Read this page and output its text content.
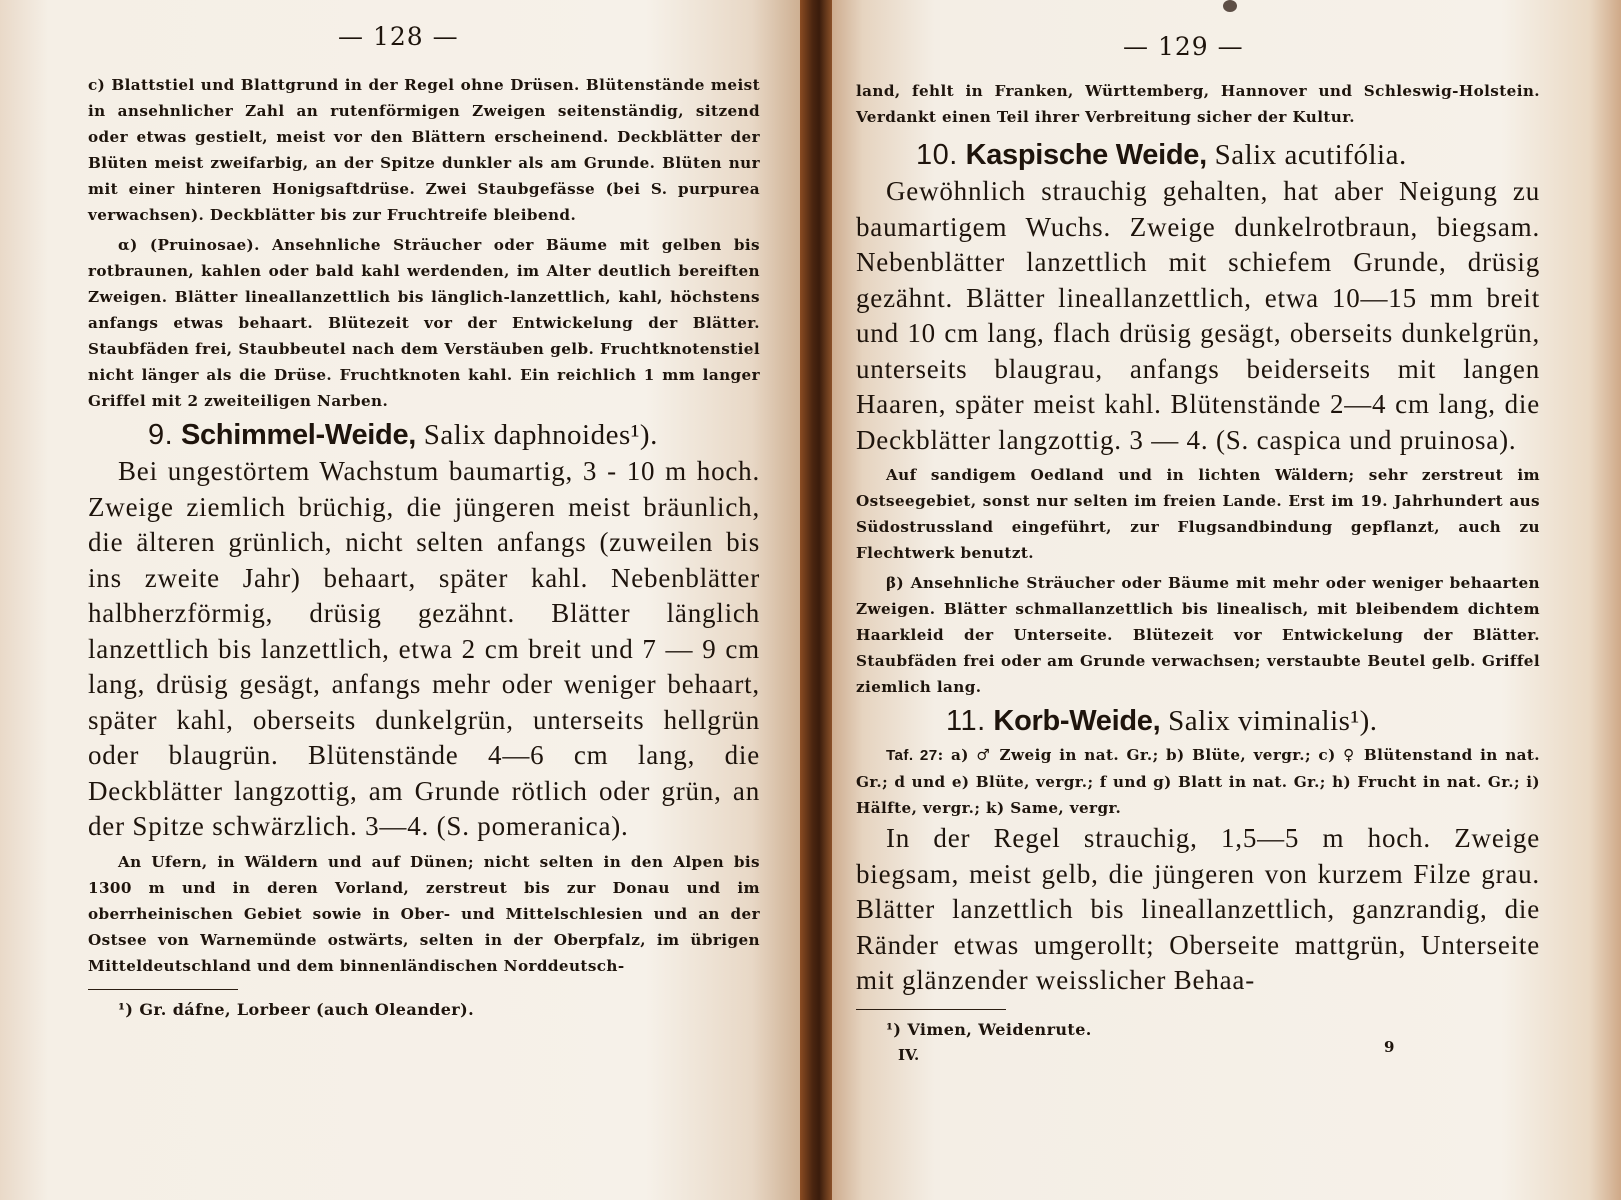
— 128 —

c) Blattstiel und Blattgrund in der Regel ohne Drüsen. Blütenstände meist in ansehnlicher Zahl an rutenförmigen Zweigen seitenständig, sitzend oder etwas gestielt, meist vor den Blättern erscheinend. Deckblätter der Blüten meist zweifarbig, an der Spitze dunkler als am Grunde. Blüten nur mit einer hinteren Honigsaftdrüse. Zwei Staubgefässe (bei S. purpurea verwachsen). Deckblätter bis zur Fruchtreife bleibend.

α) (Pruinosae). Ansehnliche Sträucher oder Bäume mit gelben bis rotbraunen, kahlen oder bald kahl werdenden, im Alter deutlich bereiften Zweigen. Blätter lineallanzettlich bis länglich-lanzettlich, kahl, höchstens anfangs etwas behaart. Blütezeit vor der Entwickelung der Blätter. Staubfäden frei, Staubbeutel nach dem Verstäuben gelb. Fruchtknotenstiel nicht länger als die Drüse. Fruchtknoten kahl. Ein reichlich 1 mm langer Griffel mit 2 zweiteiligen Narben.

9. Schimmel-Weide, Salix daphnoides¹).

Bei ungestörtem Wachstum baumartig, 3 - 10 m hoch. Zweige ziemlich brüchig, die jüngeren meist bräunlich, die älteren grünlich, nicht selten anfangs (zuweilen bis ins zweite Jahr) behaart, später kahl. Nebenblätter halbherzförmig, drüsig gezähnt. Blätter länglich lanzettlich bis lanzettlich, etwa 2 cm breit und 7 — 9 cm lang, drüsig gesägt, anfangs mehr oder weniger behaart, später kahl, oberseits dunkelgrün, unterseits hellgrün oder blaugrün. Blütenstände 4—6 cm lang, die Deckblätter langzottig, am Grunde rötlich oder grün, an der Spitze schwärzlich. 3—4. (S. pomeranica).

An Ufern, in Wäldern und auf Dünen; nicht selten in den Alpen bis 1300 m und in deren Vorland, zerstreut bis zur Donau und im oberrheinischen Gebiet sowie in Ober- und Mittelschlesien und an der Ostsee von Warnemünde ostwärts, selten in der Oberpfalz, im übrigen Mitteldeutschland und dem binnenländischen Norddeutsch-

¹) Gr. dáfne, Lorbeer (auch Oleander).

— 129 —

land, fehlt in Franken, Württemberg, Hannover und Schleswig-Holstein. Verdankt einen Teil ihrer Verbreitung sicher der Kultur.

10. Kaspische Weide, Salix acutifólia.

Gewöhnlich strauchig gehalten, hat aber Neigung zu baumartigem Wuchs. Zweige dunkelrotbraun, biegsam. Nebenblätter lanzettlich mit schiefem Grunde, drüsig gezähnt. Blätter lineallanzettlich, etwa 10—15 mm breit und 10 cm lang, flach drüsig gesägt, oberseits dunkelgrün, unterseits blaugrau, anfangs beiderseits mit langen Haaren, später meist kahl. Blütenstände 2—4 cm lang, die Deckblätter langzottig. 3 — 4. (S. caspica und pruinosa).

Auf sandigem Oedland und in lichten Wäldern; sehr zerstreut im Ostseegebiet, sonst nur selten im freien Lande. Erst im 19. Jahrhundert aus Südostrussland eingeführt, zur Flugsandbindung gepflanzt, auch zu Flechtwerk benutzt.

β) Ansehnliche Sträucher oder Bäume mit mehr oder weniger behaarten Zweigen. Blätter schmallanzettlich bis linealisch, mit bleibendem dichtem Haarkleid der Unterseite. Blütezeit vor Entwickelung der Blätter. Staubfäden frei oder am Grunde verwachsen; verstaubte Beutel gelb. Griffel ziemlich lang.

11. Korb-Weide, Salix viminalis¹).

Taf. 27: a) ♂ Zweig in nat. Gr.; b) Blüte, vergr.; c) ♀ Blütenstand in nat. Gr.; d und e) Blüte, vergr.; f und g) Blatt in nat. Gr.; h) Frucht in nat. Gr.; i) Hälfte, vergr.; k) Same, vergr.

In der Regel strauchig, 1,5—5 m hoch. Zweige biegsam, meist gelb, die jüngeren von kurzem Filze grau. Blätter lanzettlich bis lineallanzettlich, ganzrandig, die Ränder etwas umgerollt; Oberseite mattgrün, Unterseite mit glänzender weisslicher Behaa-

¹) Vimen, Weidenrute.

IV.	9
